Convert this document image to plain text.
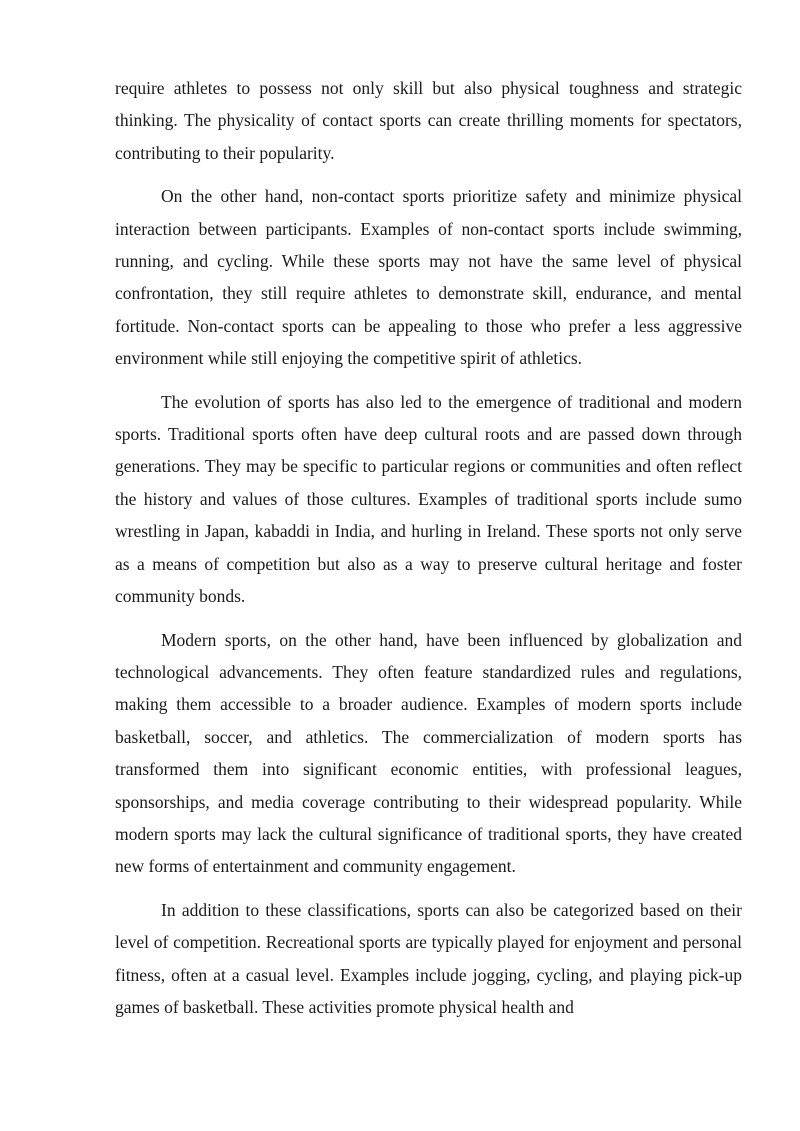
require athletes to possess not only skill but also physical toughness and strategic thinking. The physicality of contact sports can create thrilling moments for spectators, contributing to their popularity.

On the other hand, non-contact sports prioritize safety and minimize physical interaction between participants. Examples of non-contact sports include swimming, running, and cycling. While these sports may not have the same level of physical confrontation, they still require athletes to demonstrate skill, endurance, and mental fortitude. Non-contact sports can be appealing to those who prefer a less aggressive environment while still enjoying the competitive spirit of athletics.

The evolution of sports has also led to the emergence of traditional and modern sports. Traditional sports often have deep cultural roots and are passed down through generations. They may be specific to particular regions or communities and often reflect the history and values of those cultures. Examples of traditional sports include sumo wrestling in Japan, kabaddi in India, and hurling in Ireland. These sports not only serve as a means of competition but also as a way to preserve cultural heritage and foster community bonds.

Modern sports, on the other hand, have been influenced by globalization and technological advancements. They often feature standardized rules and regulations, making them accessible to a broader audience. Examples of modern sports include basketball, soccer, and athletics. The commercialization of modern sports has transformed them into significant economic entities, with professional leagues, sponsorships, and media coverage contributing to their widespread popularity. While modern sports may lack the cultural significance of traditional sports, they have created new forms of entertainment and community engagement.

In addition to these classifications, sports can also be categorized based on their level of competition. Recreational sports are typically played for enjoyment and personal fitness, often at a casual level. Examples include jogging, cycling, and playing pick-up games of basketball. These activities promote physical health and
